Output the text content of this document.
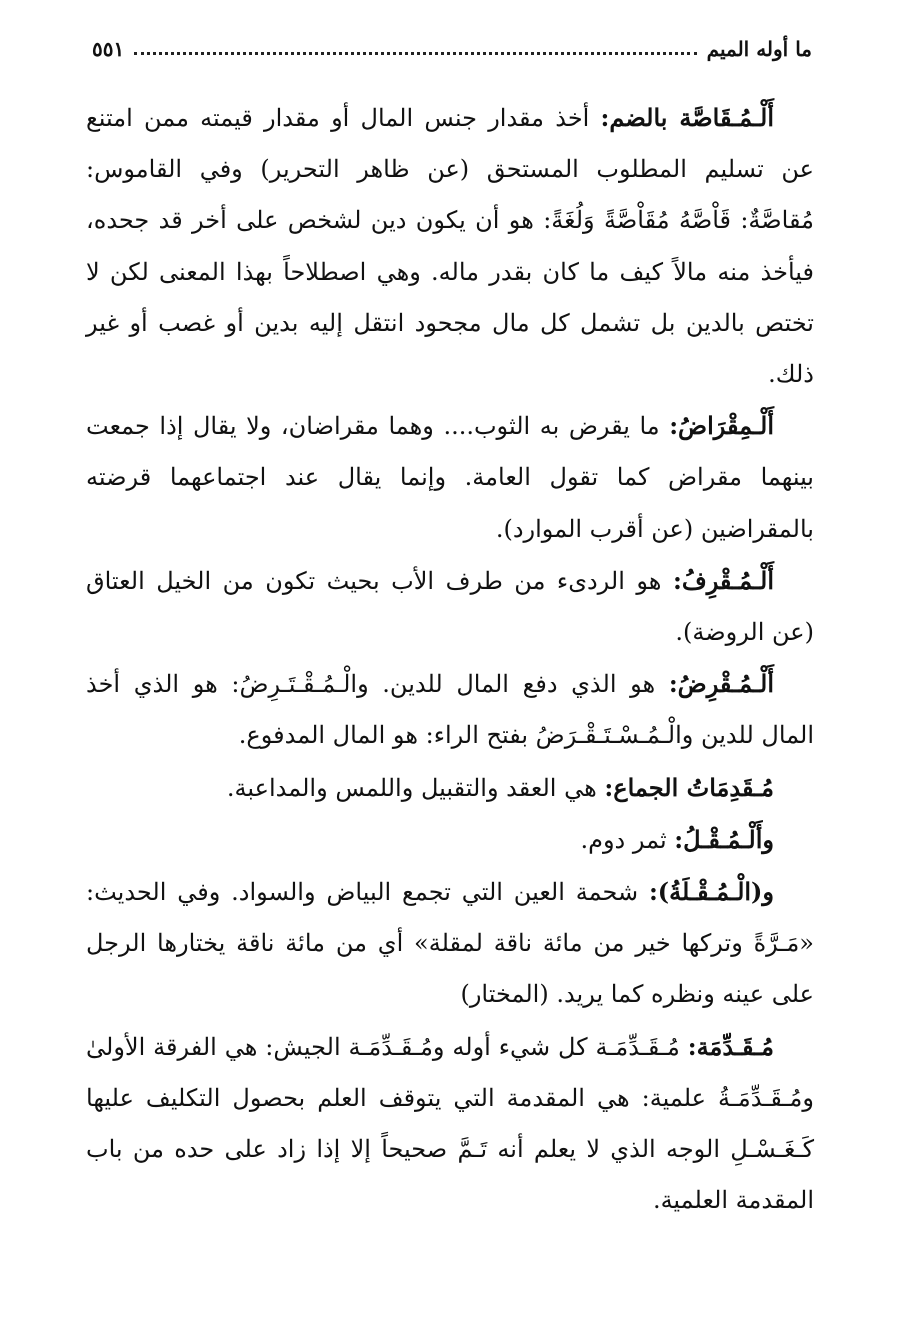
ما أوله الميم
٥٥١

أَلْـمُـقَاصَّة بالضم: أخذ مقدار جنس المال أو مقدار قيمته ممن امتنع عن تسليم المطلوب المستحق (عن ظاهر التحرير) وفي القاموس: مُقاصَّةٌ: قَاْصَّهُ مُقَاْصَّةً وَلُغَةً: هو أن يكون دين لشخص على أخر قد جحده، فيأخذ منه مالاً كيف ما كان بقدر ماله. وهي اصطلاحاً بهذا المعنى لكن لا تختص بالدين بل تشمل كل مال مجحود انتقل إليه بدين أو غصب أو غير ذلك.

أَلْـمِقْرَاضُ: ما يقرض به الثوب.... وهما مقراضان، ولا يقال إذا جمعت بينهما مقراض كما تقول العامة. وإنما يقال عند اجتماعهما قرضته بالمقراضين (عن أقرب الموارد).

أَلْـمُـقْرِفُ: هو الردىء من طرف الأب بحيث تكون من الخيل العتاق (عن الروضة).

أَلْـمُـقْرِضُ: هو الذي دفع المال للدين. والْـمُـقْـتَـرِضُ: هو الذي أخذ المال للدين والْـمُـسْـتَـقْـرَضُ بفتح الراء: هو المال المدفوع.

مُـقَدِمَاتُ الجماع: هي العقد والتقبيل واللمس والمداعبة.

وأَلْـمُـقْـلُ: ثمر دوم.

و(الْـمُـقْـلَةُ): شحمة العين التي تجمع البياض والسواد. وفي الحديث: «مَـرَّةً وتركها خير من مائة ناقة لمقلة» أي من مائة ناقة يختارها الرجل على عينه ونظره كما يريد. (المختار)

مُـقَـدِّمَة: مُـقَـدِّمَـة كل شيء أوله ومُـقَـدِّمَـة الجيش: هي الفرقة الأولىٰ ومُـقَـدِّمَـةُ علمية: هي المقدمة التي يتوقف العلم بحصول التكليف عليها كَـغَـسْـلِ الوجه الذي لا يعلم أنه تَـمَّ صحيحاً إلا إذا زاد على حده من باب المقدمة العلمية.
